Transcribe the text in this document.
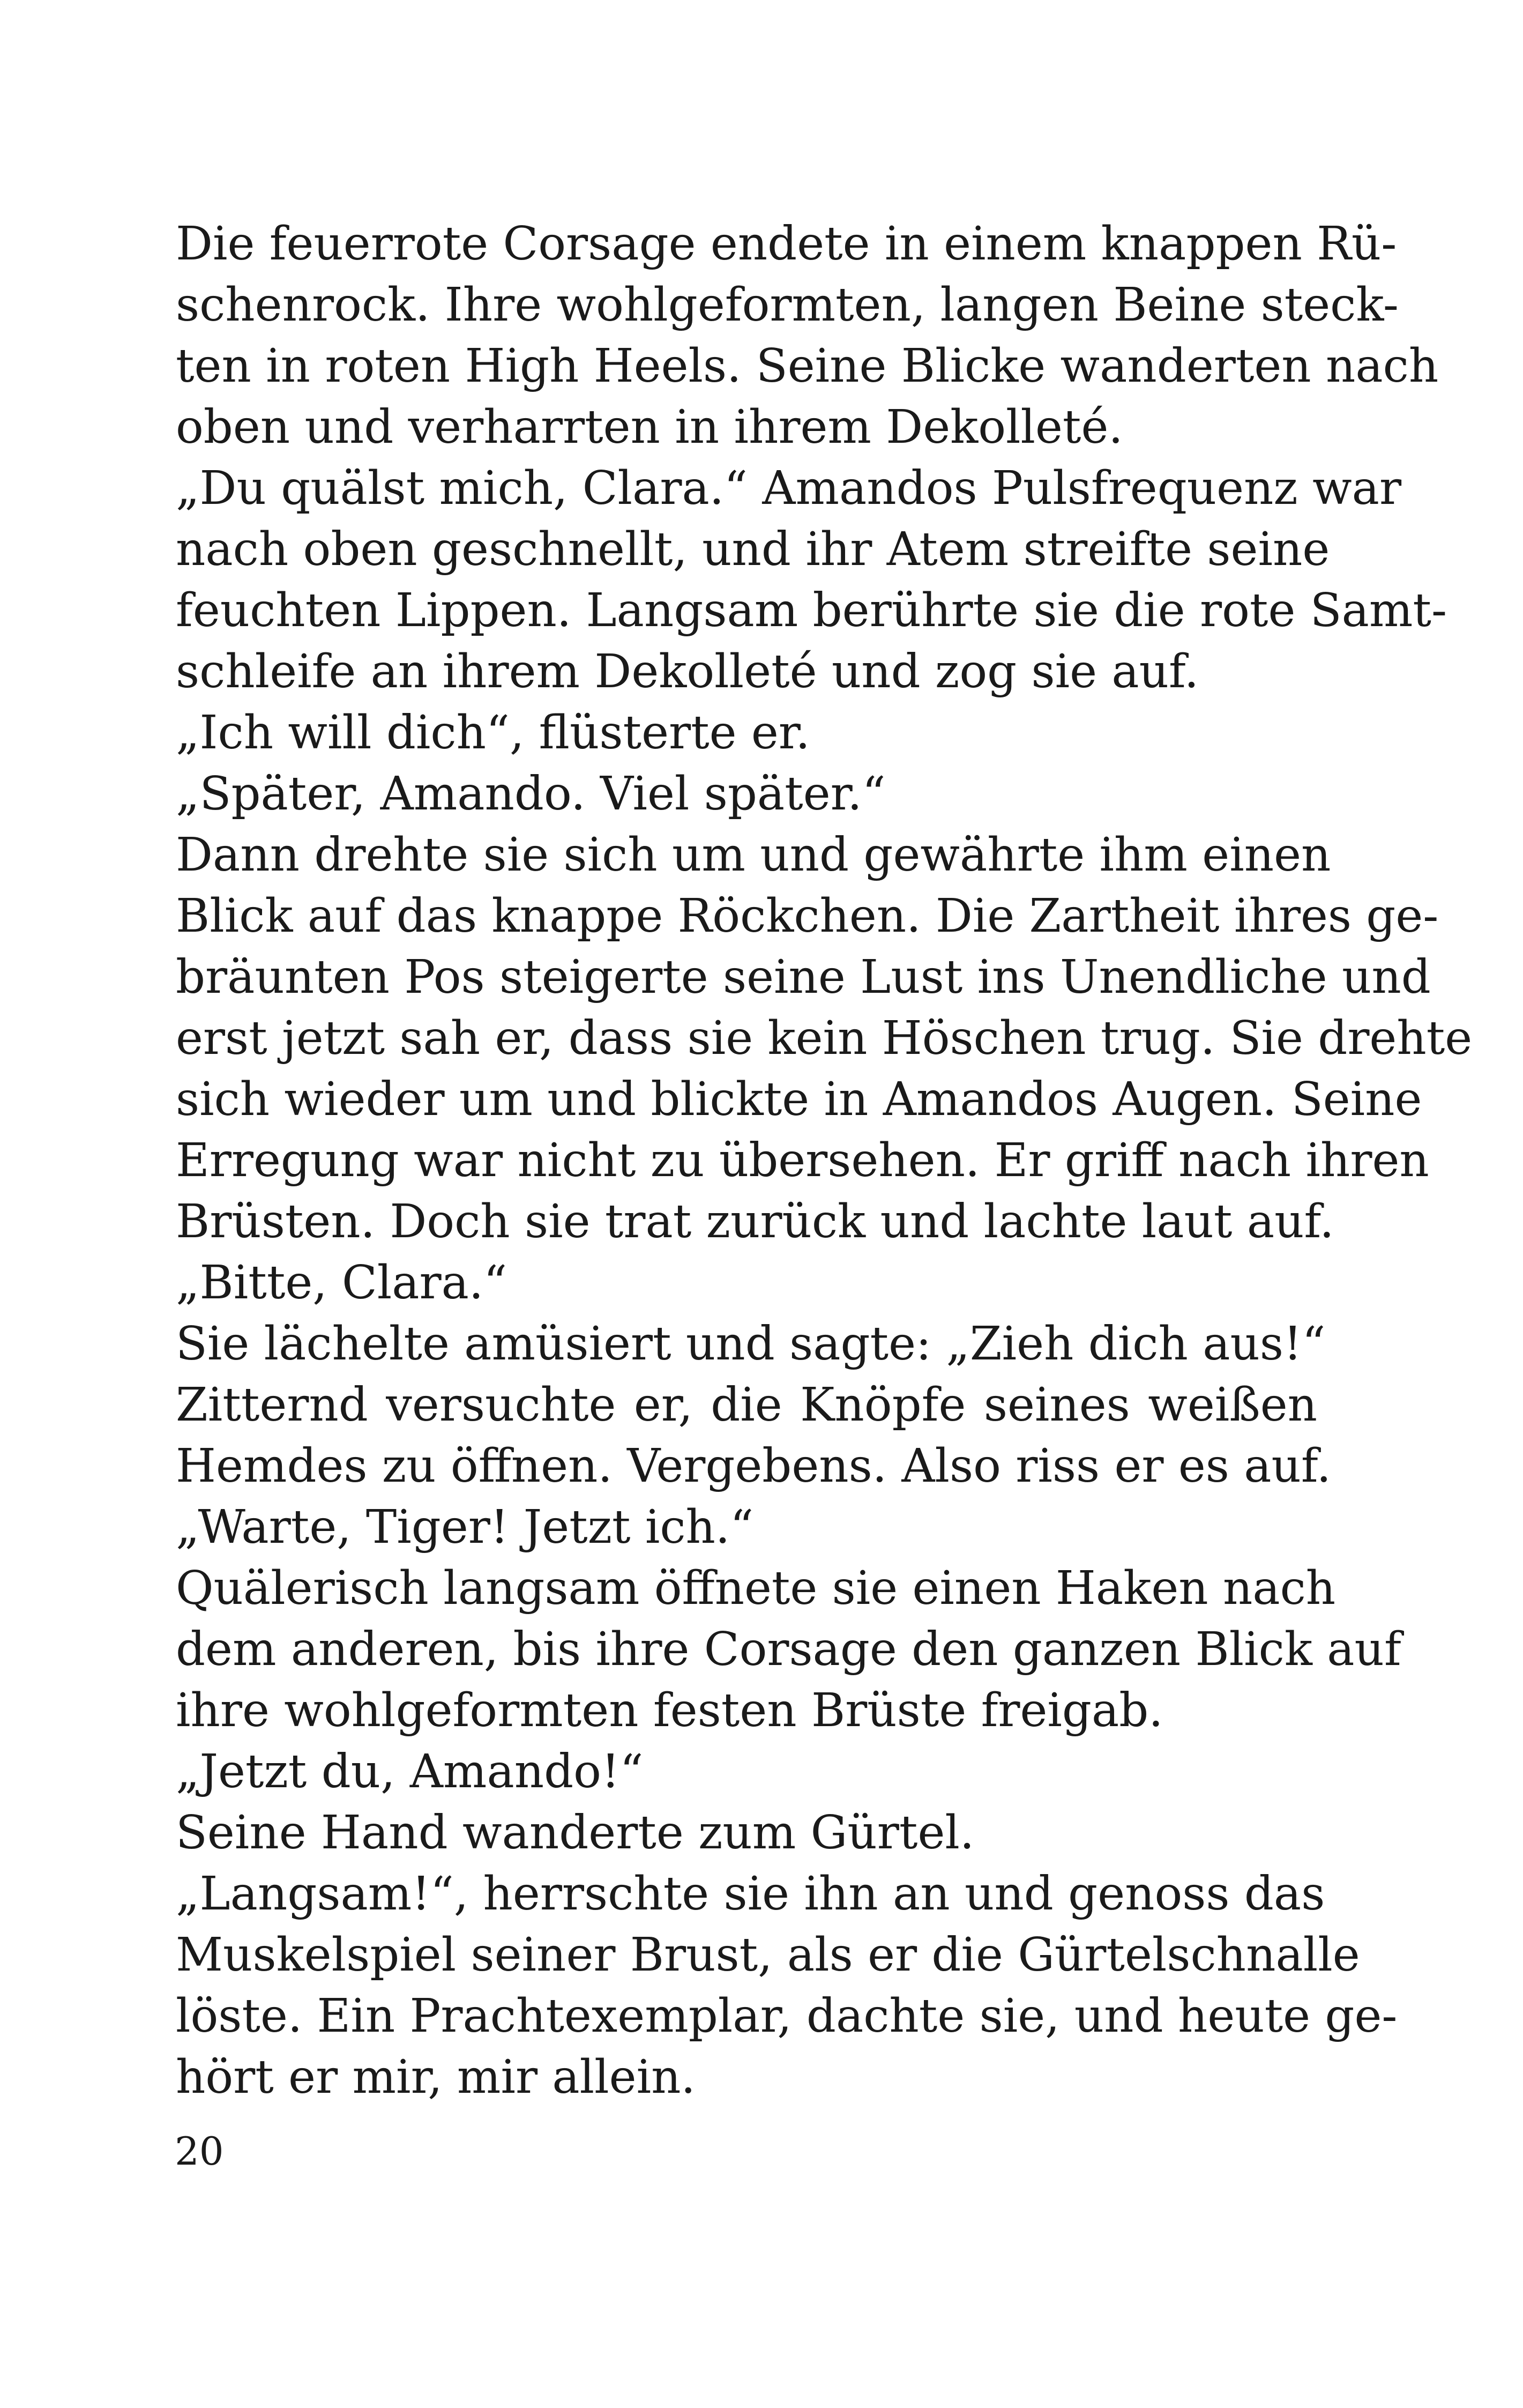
Die feuerrote Corsage endete in einem knappen Rü-
schenrock. Ihre wohlgeformten, langen Beine steck-
ten in roten High Heels. Seine Blicke wanderten nach
oben und verharrten in ihrem Dekolleté.
„Du quälst mich, Clara.“ Amandos Pulsfrequenz war
nach oben geschnellt, und ihr Atem streifte seine
feuchten Lippen. Langsam berührte sie die rote Samt-
schleife an ihrem Dekolleté und zog sie auf.
„Ich will dich“, flüsterte er.
„Später, Amando. Viel später.“
Dann drehte sie sich um und gewährte ihm einen
Blick auf das knappe Röckchen. Die Zartheit ihres ge-
bräunten Pos steigerte seine Lust ins Unendliche und
erst jetzt sah er, dass sie kein Höschen trug. Sie drehte
sich wieder um und blickte in Amandos Augen. Seine
Erregung war nicht zu übersehen. Er griff nach ihren
Brüsten. Doch sie trat zurück und lachte laut auf.
„Bitte, Clara.“
Sie lächelte amüsiert und sagte: „Zieh dich aus!“
Zitternd versuchte er, die Knöpfe seines weißen
Hemdes zu öffnen. Vergebens. Also riss er es auf.
„Warte, Tiger! Jetzt ich.“
Quälerisch langsam öffnete sie einen Haken nach
dem anderen, bis ihre Corsage den ganzen Blick auf
ihre wohlgeformten festen Brüste freigab.
„Jetzt du, Amando!“
Seine Hand wanderte zum Gürtel.
„Langsam!“, herrschte sie ihn an und genoss das
Muskelspiel seiner Brust, als er die Gürtelschnalle
löste. Ein Prachtexemplar, dachte sie, und heute ge-
hört er mir, mir allein.
20
